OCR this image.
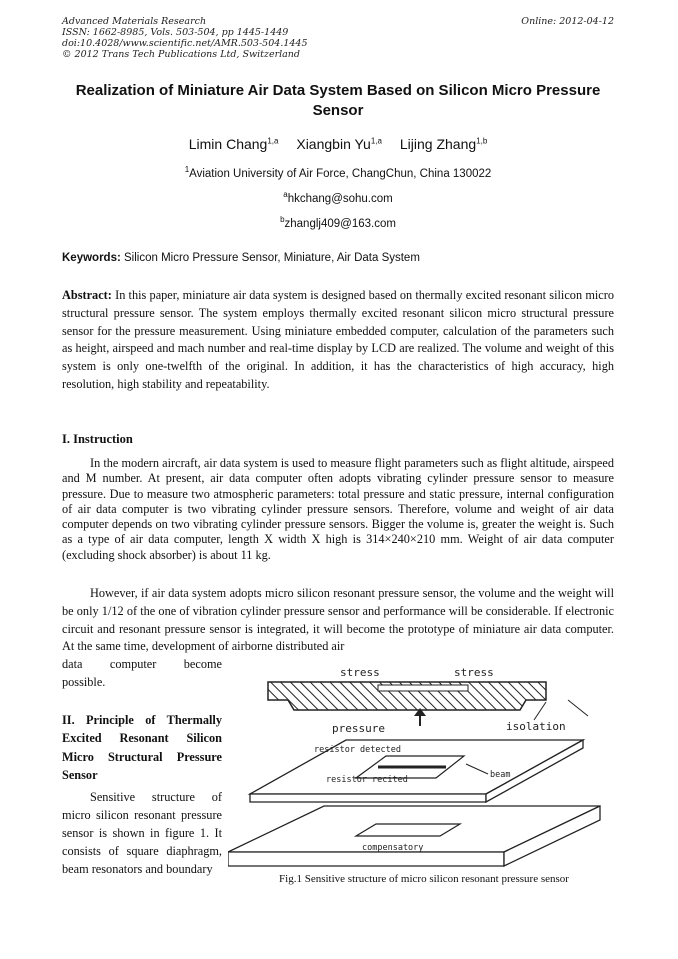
Advanced Materials Research
ISSN: 1662-8985, Vols. 503-504, pp 1445-1449
doi:10.4028/www.scientific.net/AMR.503-504.1445
© 2012 Trans Tech Publications Ltd, Switzerland
Online: 2012-04-12
Realization of Miniature Air Data System Based on Silicon Micro Pressure Sensor
Limin Chang$^{1,a}$ Xiangbin Yu$^{1,a}$ Lijing Zhang$^{1,b}$
$^1$Aviation University of Air Force, ChangChun, China 130022
$^a$hkchang@sohu.com
$^b$zhanglj409@163.com
Keywords: Silicon Micro Pressure Sensor, Miniature, Air Data System
Abstract: In this paper, miniature air data system is designed based on thermally excited resonant silicon micro structural pressure sensor. The system employs thermally excited resonant silicon micro structural pressure sensor for the pressure measurement. Using miniature embedded computer, calculation of the parameters such as height, airspeed and mach number and real-time display by LCD are realized. The volume and weight of this system is only one-twelfth of the original. In addition, it has the characteristics of high accuracy, high resolution, high stability and repeatability.
I. Instruction

In the modern aircraft, air data system is used to measure flight parameters such as flight altitude, airspeed and M number. At present, air data computer often adopts vibrating cylinder pressure sensor to measure pressure. Due to measure two atmospheric parameters: total pressure and static pressure, internal configuration of air data computer is two vibrating cylinder pressure sensors. Therefore, volume and weight of air data computer depends on two vibrating cylinder pressure sensors. Bigger the volume is, greater the weight is. Such as a type of air data computer, length X width X high is 314×240×210 mm. Weight of air data computer (excluding shock absorber) is about 11 kg.

However, if air data system adopts micro silicon resonant pressure sensor, the volume and the weight will be only 1/12 of the one of vibration cylinder pressure sensor and performance will be considerable. If electronic circuit and resonant pressure sensor is integrated, it will become the prototype of miniature air data computer. At the same time, development of airborne distributed air

data computer become
possible.
II. Principle of Thermally Excited Resonant Silicon Micro Structural Pressure Sensor

Sensitive structure of micro silicon resonant pressure sensor is shown in figure 1. It consists of square diaphragm, beam resonators and boundary

stress	stress
pressure	isolation
resistor detected
resistor recited	beam
compensatory
Fig.1 Sensitive structure of micro silicon resonant pressure sensor
